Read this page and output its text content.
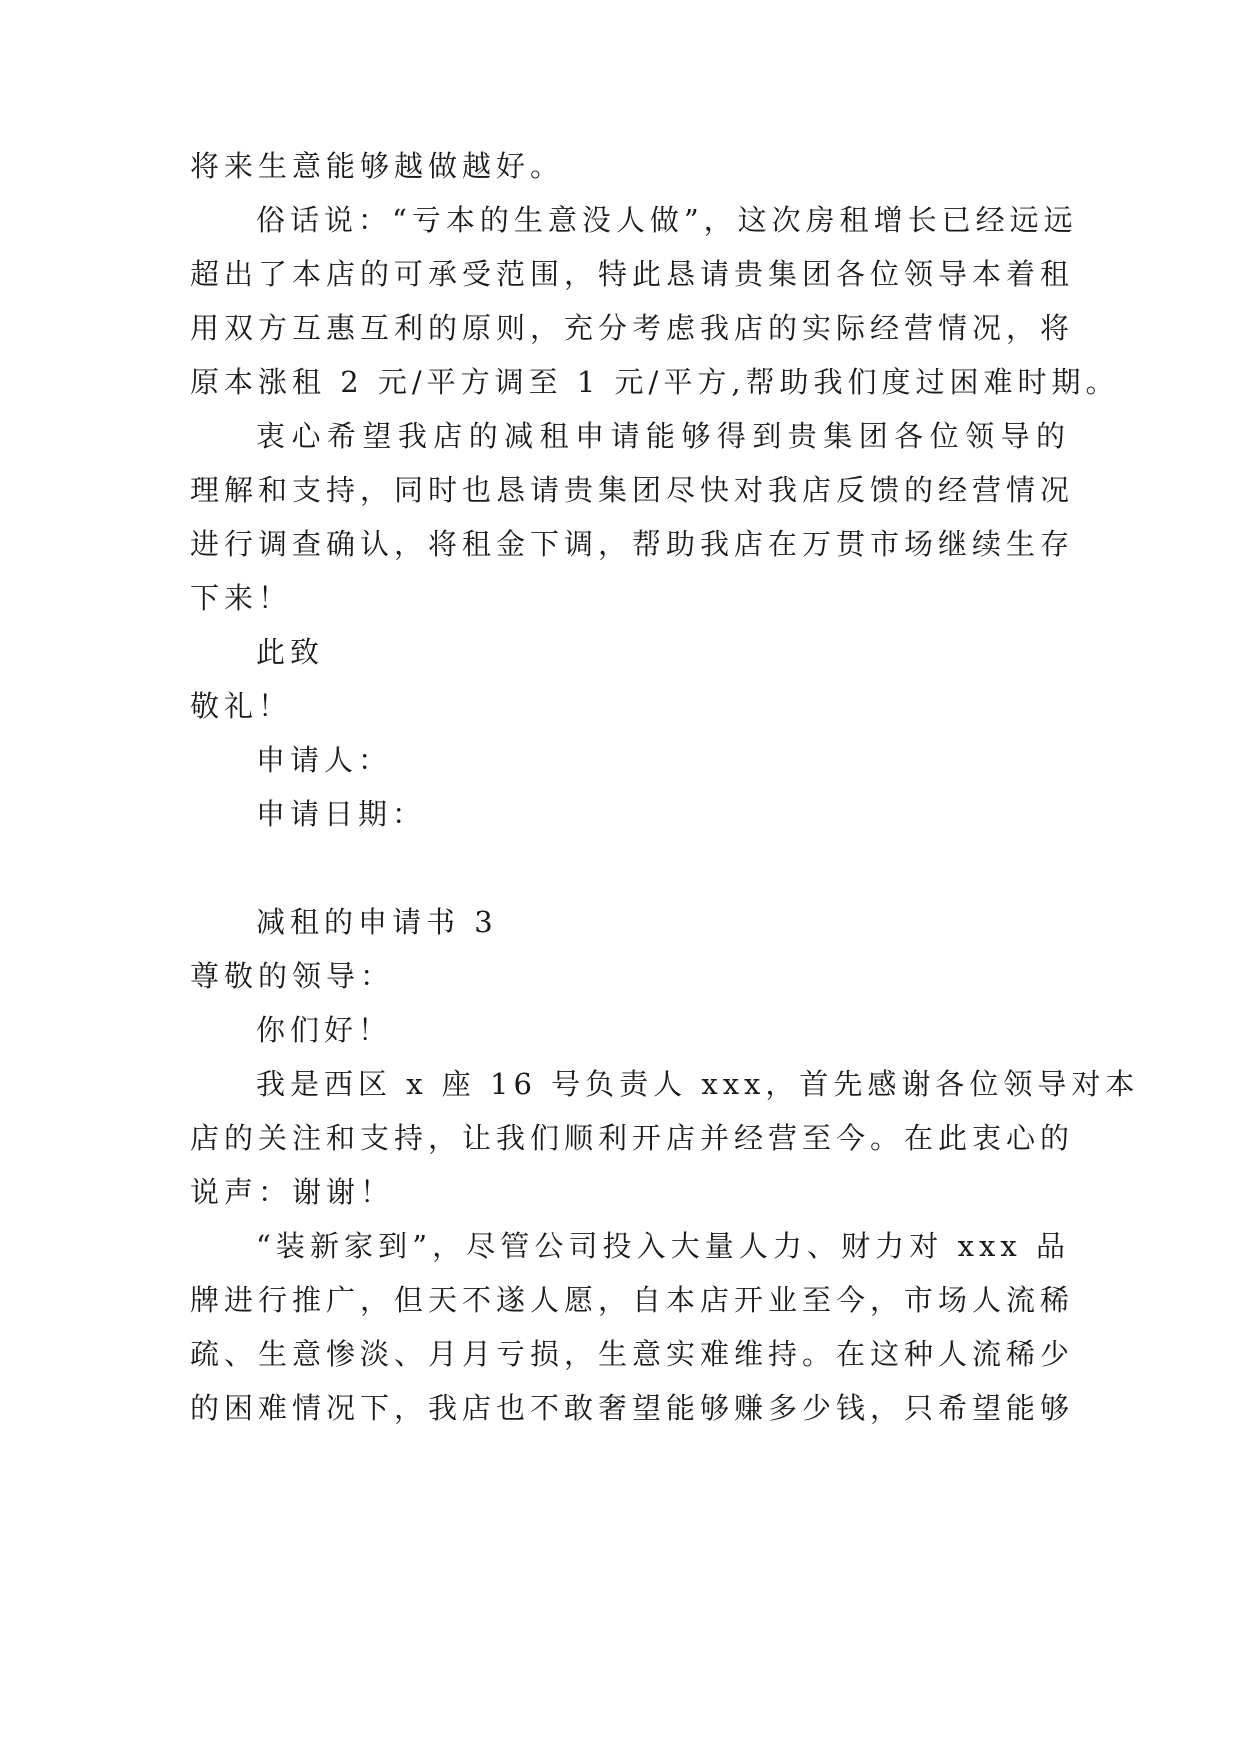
将来生意能够越做越好。
俗话说：“亏本的生意没人做”，这次房租增长已经远远
超出了本店的可承受范围，特此恳请贵集团各位领导本着租
用双方互惠互利的原则，充分考虑我店的实际经营情况，将
原本涨租 2 元/平方调至 1 元/平方,帮助我们度过困难时期。
衷心希望我店的减租申请能够得到贵集团各位领导的
理解和支持，同时也恳请贵集团尽快对我店反馈的经营情况
进行调查确认，将租金下调，帮助我店在万贯市场继续生存
下来！
此致
敬礼！
申请人：
申请日期：
减租的申请书 3
尊敬的领导：
你们好！
我是西区 x 座 16 号负责人 xxx，首先感谢各位领导对本
店的关注和支持，让我们顺利开店并经营至今。在此衷心的
说声：谢谢！
“装新家到”，尽管公司投入大量人力、财力对 xxx 品
牌进行推广，但天不遂人愿，自本店开业至今，市场人流稀
疏、生意惨淡、月月亏损，生意实难维持。在这种人流稀少
的困难情况下，我店也不敢奢望能够赚多少钱，只希望能够
